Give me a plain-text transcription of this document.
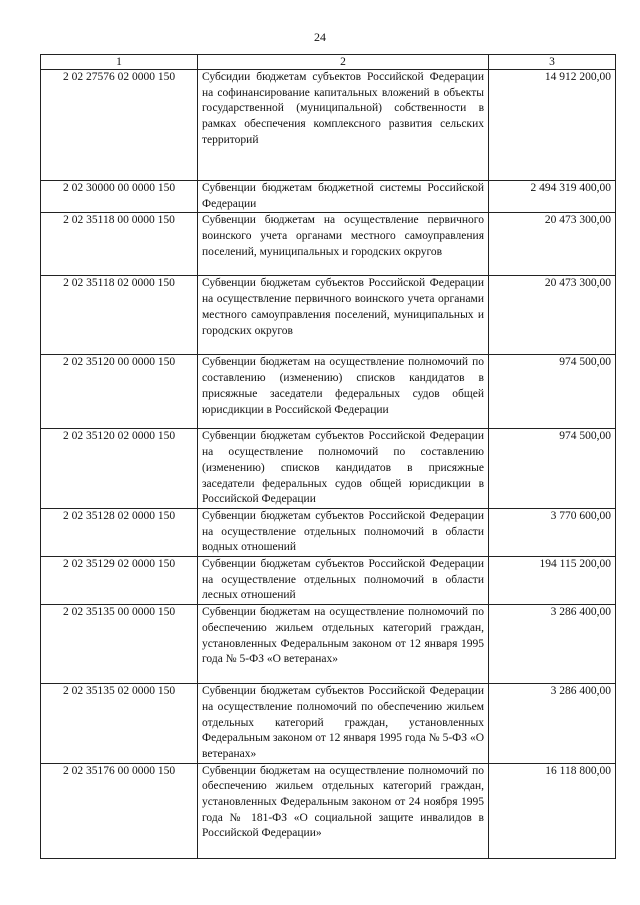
24
1	2	3
2 02 27576 02 0000 150	Субсидии бюджетам субъектов Российской Федерации на софинансирование капитальных вложений в объекты государственной (муниципальной) собственности в рамках обеспечения комплексного развития сельских территорий	14 912 200,00
2 02 30000 00 0000 150	Субвенции бюджетам бюджетной системы Российской Федерации	2 494 319 400,00
2 02 35118 00 0000 150	Субвенции бюджетам на осуществление первичного воинского учета органами местного самоуправления поселений, муниципальных и городских округов	20 473 300,00
2 02 35118 02 0000 150	Субвенции бюджетам субъектов Российской Федерации на осуществление первичного воинского учета органами местного самоуправления поселений, муниципальных и городских округов	20 473 300,00
2 02 35120 00 0000 150	Субвенции бюджетам на осуществление полномочий по составлению (изменению) списков кандидатов в присяжные заседатели федеральных судов общей юрисдикции в Российской Федерации	974 500,00
2 02 35120 02 0000 150	Субвенции бюджетам субъектов Российской Федерации на осуществление полномочий по составлению (изменению) списков кандидатов в присяжные заседатели федеральных судов общей юрисдикции в Российской Федерации	974 500,00
2 02 35128 02 0000 150	Субвенции бюджетам субъектов Российской Федерации на осуществление отдельных полномочий в области водных отношений	3 770 600,00
2 02 35129 02 0000 150	Субвенции бюджетам субъектов Российской Федерации на осуществление отдельных полномочий в области лесных отношений	194 115 200,00
2 02 35135 00 0000 150	Субвенции бюджетам на осуществление полномочий по обеспечению жильем отдельных категорий граждан, установленных Федеральным законом от 12 января 1995 года № 5-ФЗ «О ветеранах»	3 286 400,00
2 02 35135 02 0000 150	Субвенции бюджетам субъектов Российской Федерации на осуществление полномочий по обеспечению жильем отдельных категорий граждан, установленных Федеральным законом от 12 января 1995 года № 5-ФЗ «О ветеранах»	3 286 400,00
2 02 35176 00 0000 150	Субвенции бюджетам на осуществление полномочий по обеспечению жильем отдельных категорий граждан, установленных Федеральным законом от 24 ноября 1995 года № 181-ФЗ «О социальной защите инвалидов в Российской Федерации»	16 118 800,00
